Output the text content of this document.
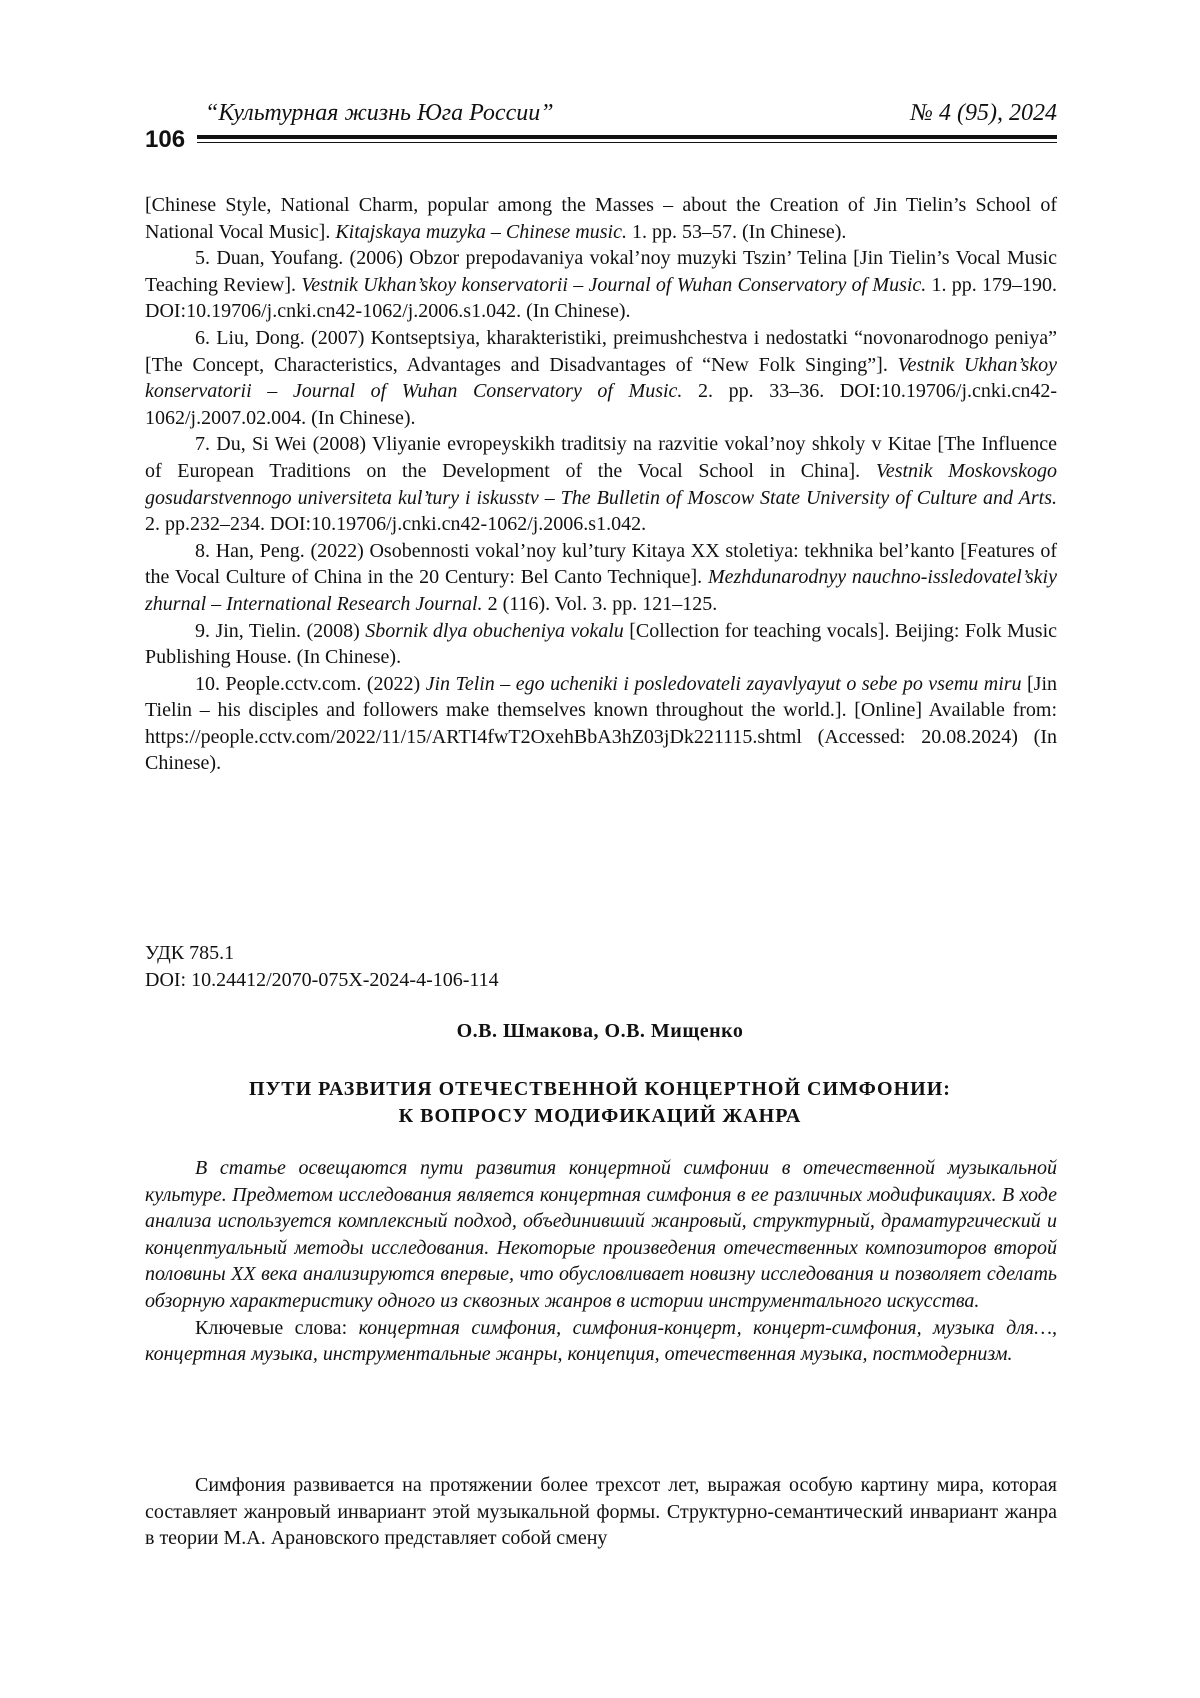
“Культурная жизнь Юга России”	№ 4 (95), 2024
106

[Chinese Style, National Charm, popular among the Masses – about the Creation of Jin Tielin’s School of National Vocal Music]. Kitajskaya muzyka – Chinese music. 1. pp. 53–57. (In Chinese).

5. Duan, Youfang. (2006) Obzor prepodavaniya vokal’noy muzyki Tszin’ Telina [Jin Tielin’s Vocal Music Teaching Review]. Vestnik Ukhan’skoy konservatorii – Journal of Wuhan Conservatory of Music. 1. pp. 179–190. DOI:10.19706/j.cnki.cn42-1062/j.2006.s1.042. (In Chinese).

6. Liu, Dong. (2007) Kontseptsiya, kharakteristiki, preimushchestva i nedostatki “novonarodnogo peniya” [The Concept, Characteristics, Advantages and Disadvantages of “New Folk Singing”]. Vestnik Ukhan’skoy konservatorii – Journal of Wuhan Conservatory of Music. 2. pp. 33–36. DOI:10.19706/j.cnki.cn42-1062/j.2007.02.004. (In Chinese).

7. Du, Si Wei (2008) Vliyanie evropeyskikh traditsiy na razvitie vokal’noy shkoly v Kitae [The Influence of European Traditions on the Development of the Vocal School in China]. Vestnik Moskovskogo gosudarstvennogo universiteta kul’tury i iskusstv – The Bulletin of Moscow State University of Culture and Arts. 2. pp.232–234. DOI:10.19706/j.cnki.cn42-1062/j.2006.s1.042.

8. Han, Peng. (2022) Osobennosti vokal’noy kul’tury Kitaya XX stoletiya: tekhnika bel’kanto [Features of the Vocal Culture of China in the 20 Century: Bel Canto Technique]. Mezhdunarodnyy nauchno-issledovatel’skiy zhurnal – International Research Journal. 2 (116). Vol. 3. pp. 121–125.

9. Jin, Tielin. (2008) Sbornik dlya obucheniya vokalu [Collection for teaching vocals]. Beijing: Folk Music Publishing House. (In Chinese).

10. People.cctv.com. (2022) Jin Telin – ego ucheniki i posledovateli zayavlyayut o sebe po vsemu miru [Jin Tielin – his disciples and followers make themselves known throughout the world.]. [Online] Available from: https://people.cctv.com/2022/11/15/ARTI4fwT2OxehBbA3hZ03jDk221115.shtml (Accessed: 20.08.2024) (In Chinese).

УДК 785.1
DOI: 10.24412/2070-075X-2024-4-106-114
О.В. Шмакова, О.В. Мищенко
ПУТИ РАЗВИТИЯ ОТЕЧЕСТВЕННОЙ КОНЦЕРТНОЙ СИМФОНИИ:
К ВОПРОСУ МОДИФИКАЦИЙ ЖАНРА

В статье освещаются пути развития концертной симфонии в отечественной музыкальной культуре. Предметом исследования является концертная симфония в ее различных модификациях. В ходе анализа используется комплексный подход, объединивший жанровый, структурный, драматургический и концептуальный методы исследования. Некоторые произведения отечественных композиторов второй половины XX века анализируются впервые, что обусловливает новизну исследования и позволяет сделать обзорную характеристику одного из сквозных жанров в истории инструментального искусства.

Ключевые слова: концертная симфония, симфония-концерт, концерт-симфония, музыка для…, концертная музыка, инструментальные жанры, концепция, отечественная музыка, постмодернизм.

Симфония развивается на протяжении более трехсот лет, выражая особую картину мира, которая составляет жанровый инвариант этой музыкальной формы. Структурно-семантический инвариант жанра в теории М.А. Арановского представляет собой смену
